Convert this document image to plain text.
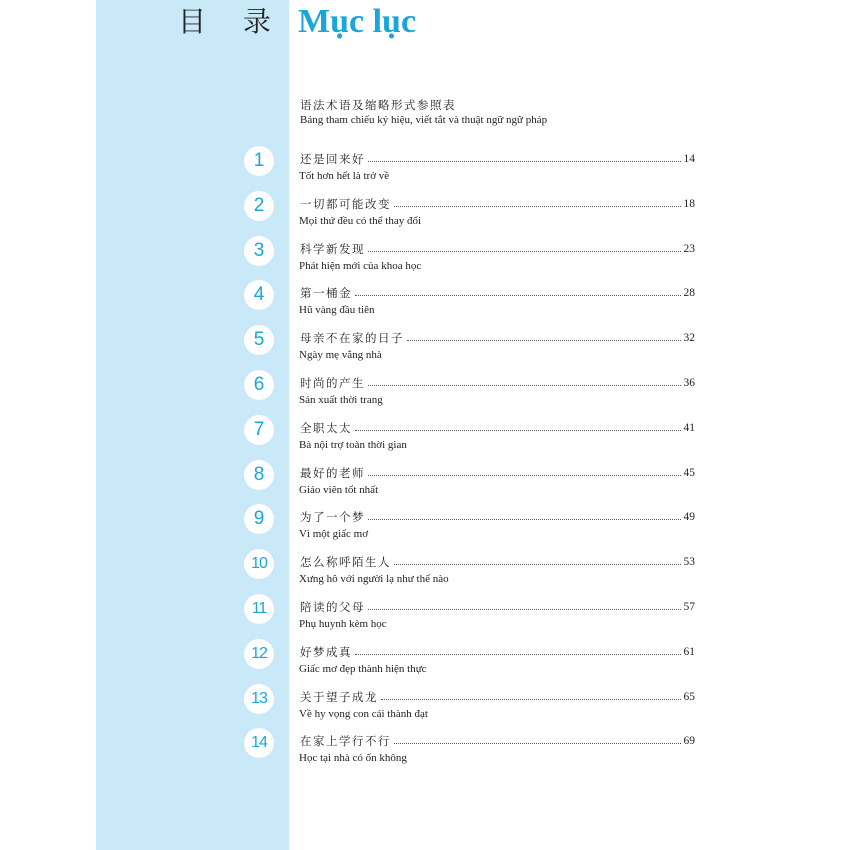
目 录 Mục lục
语法术语及缩略形式参照表
Bảng tham chiếu ký hiệu, viết tắt và thuật ngữ ngữ pháp
1	还是回来好	14
Tốt hơn hết là trở về
2	一切都可能改变	18
Mọi thứ đều có thể thay đổi
3	科学新发现	23
Phát hiện mới của khoa học
4	第一桶金	28
Hũ vàng đầu tiên
5	母亲不在家的日子	32
Ngày mẹ vắng nhà
6	时尚的产生	36
Sản xuất thời trang
7	全职太太	41
Bà nội trợ toàn thời gian
8	最好的老师	45
Giáo viên tốt nhất
9	为了一个梦	49
Vì một giấc mơ
10	怎么称呼陌生人	53
Xưng hô với người lạ như thế nào
11	陪读的父母	57
Phụ huynh kèm học
12	好梦成真	61
Giấc mơ đẹp thành hiện thực
13	关于望子成龙	65
Về hy vọng con cái thành đạt
14	在家上学行不行	69
Học tại nhà có ổn không
